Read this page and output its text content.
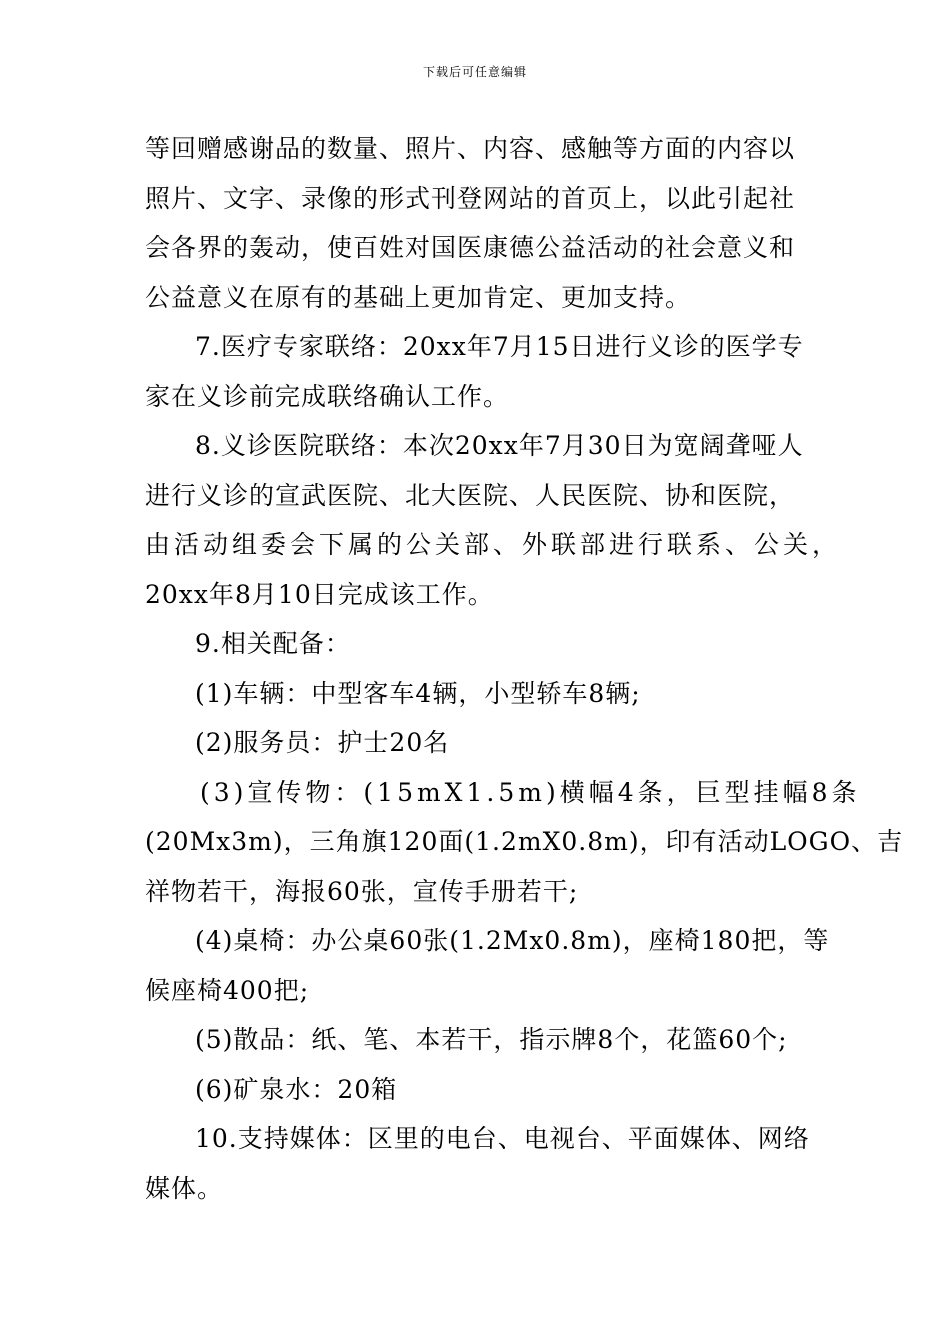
下载后可任意编辑
等回赠感谢品的数量、照片、内容、感触等方面的内容以
照片、文字、录像的形式刊登网站的首页上，以此引起社
会各界的轰动，使百姓对国医康德公益活动的社会意义和
公益意义在原有的基础上更加肯定、更加支持。
7.医疗专家联络：20xx年7月15日进行义诊的医学专
家在义诊前完成联络确认工作。
8.义诊医院联络：本次20xx年7月30日为宽阔聋哑人
进行义诊的宣武医院、北大医院、人民医院、协和医院，
由活动组委会下属的公关部、外联部进行联系、公关，
20xx年8月10日完成该工作。
9.相关配备：
(1)车辆：中型客车4辆，小型轿车8辆;
(2)服务员：护士20名
(3)宣传物：(15mX1.5m)横幅4条，巨型挂幅8条
(20Mx3m)，三角旗120面(1.2mX0.8m)，印有活动LOGO、吉
祥物若干，海报60张，宣传手册若干;
(4)桌椅：办公桌60张(1.2Mx0.8m)，座椅180把，等
候座椅400把;
(5)散品：纸、笔、本若干，指示牌8个，花篮60个;
(6)矿泉水：20箱
10.支持媒体：区里的电台、电视台、平面媒体、网络
媒体。
